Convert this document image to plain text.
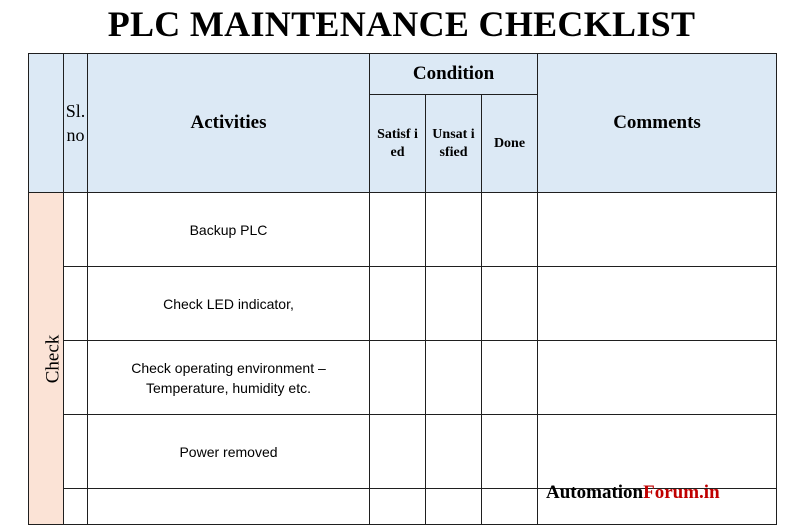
PLC MAINTENANCE CHECKLIST
	Sl.no	Activities	Condition			Comments
			Satisf ied	Unsat isfied	Done	
Check		Backup PLC				

		Check LED indicator,				

		Check operating environment –
Temperature, humidity etc.				

		Power removed				

AutomationForum.in
